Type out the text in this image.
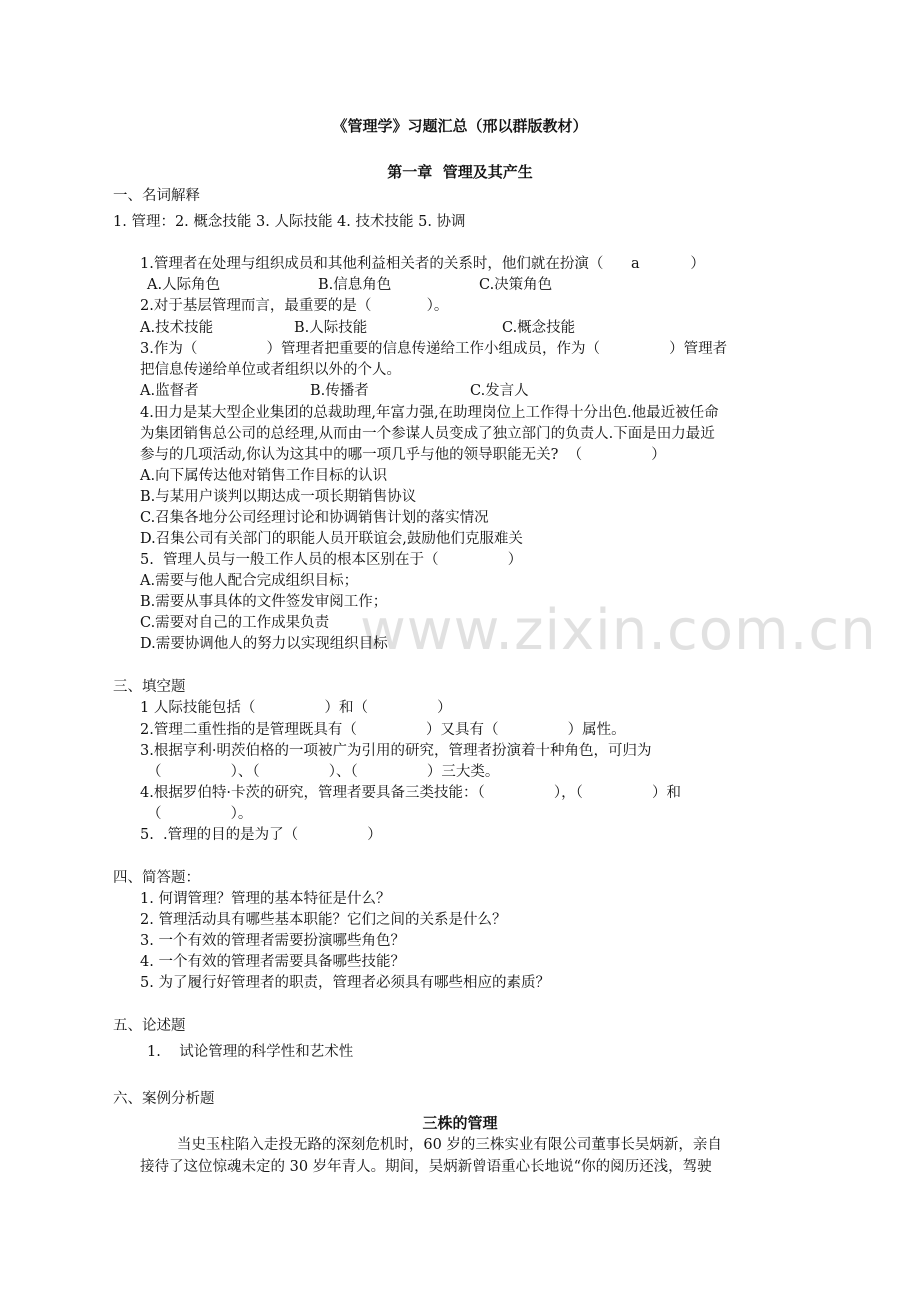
www.zixin.com.cn
《管理学》习题汇总（邢以群版教材）
第一章  管理及其产生
一、名词解释
1. 管理：2. 概念技能 3. 人际技能 4. 技术技能 5. 协调
1.管理者在处理与组织成员和其他利益相关者的关系时，他们就在扮演（      a           ）
A.人际角色	B.信息角色	C.决策角色
2.对于基层管理而言，最重要的是（            ）。
A.技术技能	B.人际技能	C.概念技能
3.作为（               ）管理者把重要的信息传递给工作小组成员，作为（               ）管理者
把信息传递给单位或者组织以外的个人。
A.监督者	B.传播者	C.发言人
4.田力是某大型企业集团的总裁助理,年富力强,在助理岗位上工作得十分出色.他最近被任命
为集团销售总公司的总经理,从而由一个参谋人员变成了独立部门的负责人.下面是田力最近
参与的几项活动,你认为这其中的哪一项几乎与他的领导职能无关?  （               ）
A.向下属传达他对销售工作目标的认识
B.与某用户谈判以期达成一项长期销售协议
C.召集各地分公司经理讨论和协调销售计划的落实情况
D.召集公司有关部门的职能人员开联谊会,鼓励他们克服难关
5.  管理人员与一般工作人员的根本区别在于（               ）
A.需要与他人配合完成组织目标；
B.需要从事具体的文件签发审阅工作；
C.需要对自己的工作成果负责
D.需要协调他人的努力以实现组织目标
三、填空题
1 人际技能包括（               ）和（               ）
2.管理二重性指的是管理既具有（               ）又具有（               ）属性。
3.根据亨利·明茨伯格的一项被广为引用的研究，管理者扮演着十种角色，可归为
（               ）、（               ）、（               ）三大类。
4.根据罗伯特·卡茨的研究，管理者要具备三类技能：（               ），（               ）和
（               ）。
5.  .管理的目的是为了（               ）
四、简答题：
1. 何谓管理？管理的基本特征是什么？
2. 管理活动具有哪些基本职能？它们之间的关系是什么？
3. 一个有效的管理者需要扮演哪些角色？
4. 一个有效的管理者需要具备哪些技能？
5. 为了履行好管理者的职责，管理者必须具有哪些相应的素质？
五、论述题
1.    试论管理的科学性和艺术性
六、案例分析题
三株的管理
当史玉柱陷入走投无路的深刻危机时，60 岁的三株实业有限公司董事长吴炳新，亲自
接待了这位惊魂未定的 30 岁年青人。期间，吴炳新曾语重心长地说“你的阅历还浅，驾驶
